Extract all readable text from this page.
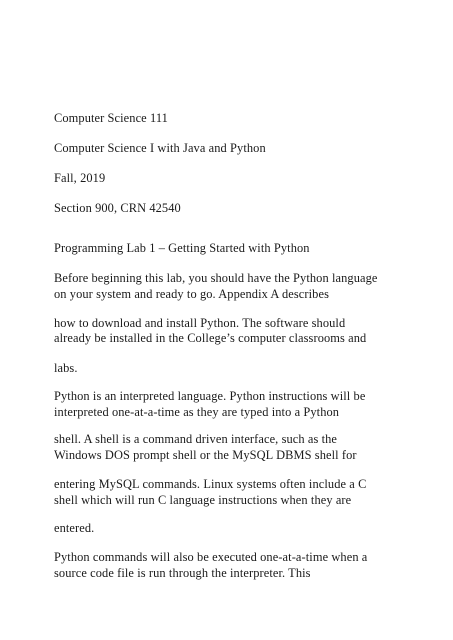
Computer Science 111
Computer Science I with Java and Python
Fall, 2019
Section 900, CRN 42540
Programming Lab 1 – Getting Started with Python
Before beginning this lab, you should have the Python language
on your system and ready to go. Appendix A describes
how to download and install Python. The software should
already be installed in the College’s computer classrooms and
labs.
Python is an interpreted language. Python instructions will be
interpreted one-at-a-time as they are typed into a Python
shell. A shell is a command driven interface, such as the
Windows DOS prompt shell or the MySQL DBMS shell for
entering MySQL commands. Linux systems often include a C
shell which will run C language instructions when they are
entered.
Python commands will also be executed one-at-a-time when a
source code file is run through the interpreter. This
